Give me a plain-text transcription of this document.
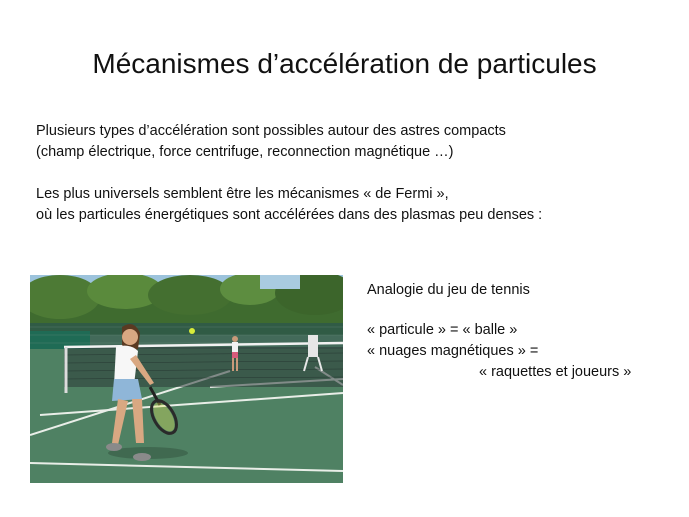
Mécanismes d’accélération de particules
Plusieurs types d’accélération sont possibles autour des astres compacts
(champ électrique, force centrifuge, reconnection magnétique …)
Les plus universels semblent être les mécanismes « de Fermi »,
où les particules énergétiques sont accélérées dans des plasmas peu denses :
Analogie du jeu de tennis
« particule » = « balle »
« nuages magnétiques » =
« raquettes et joueurs »
